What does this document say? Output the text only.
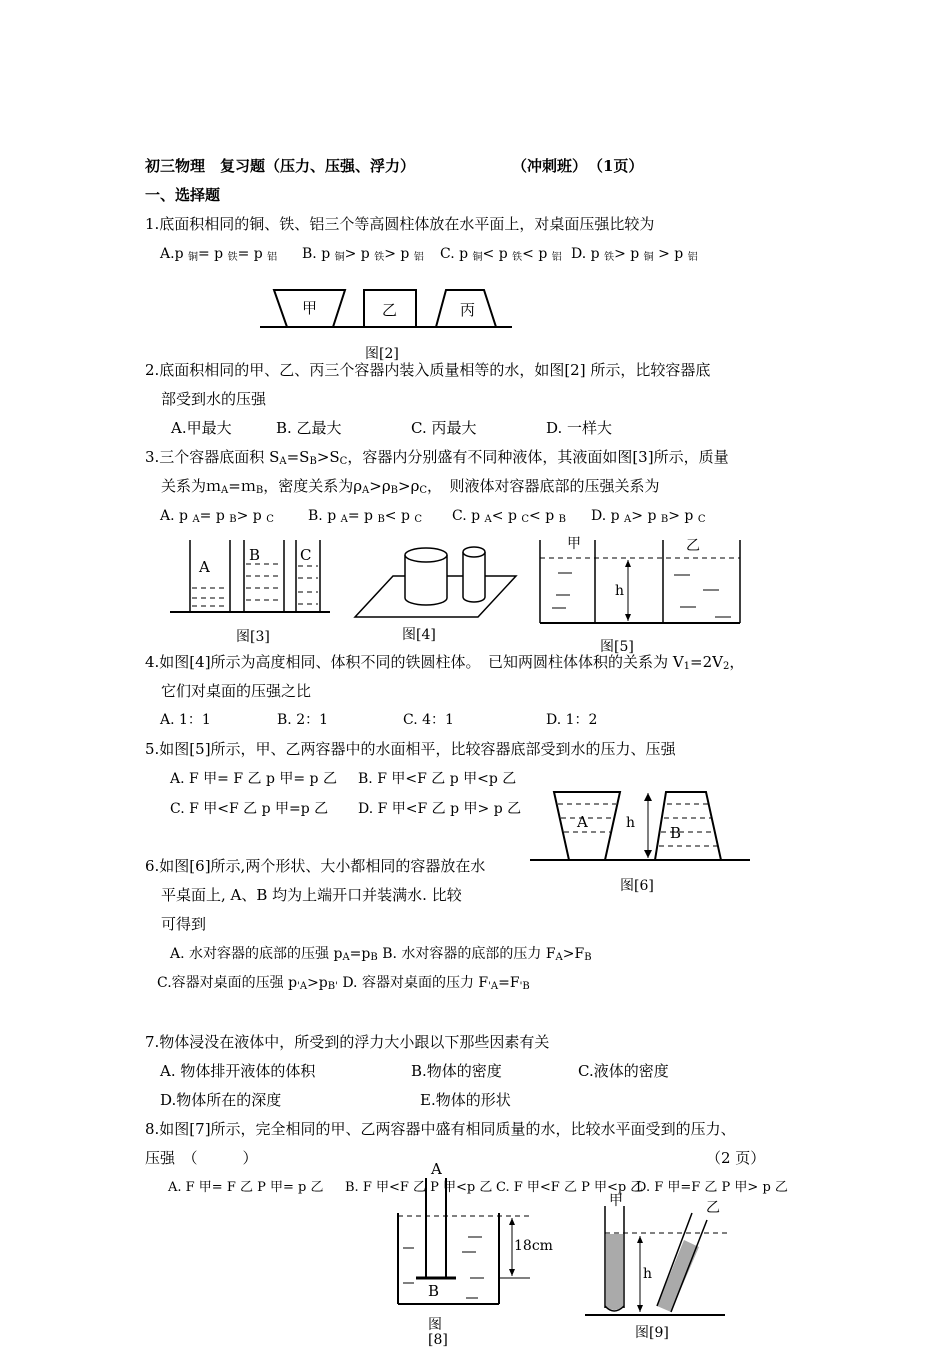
初三物理　复习题（压力、压强、浮力）	（冲刺班） （1页）
一、选择题
1.底面积相同的铜、铁、铝三个等高圆柱体放在水平面上，对桌面压强比较为
A.p $_铜$= p $_铁$= p $_铝$ B. p $_铜$> p $_铁$> p $_铝$ C. p $_铜$< p $_铁$< p $_铝$ D. p $_铁$> p $_铜$ > p $_铝$
甲	乙	丙
A
B	C
甲	乙
h
A
B
h
A
B
18cm
甲	乙
h
图[2]
2.底面积相同的甲、乙、丙三个容器内装入质量相等的水，如图[2] 所示，比较容器底
部受到水的压强
A.甲最大	B. 乙最大	C. 丙最大	D. 一样大
3.三个容器底面积 $S_A=S_B>S_C$，容器内分别盛有不同种液体，其液面如图[3]所示，质量
关系为ｍ$_A$=ｍ$_B$，密度关系为$\rho_A>\rho_B>\rho_C$，　则液体对容器底部的压强关系为
A. p $_A$= p $_B$> p $_C$ B. p $_A$= p $_B$< p $_C$ C. p $_A$< p $_C$< p $_B$ D. p $_A$> p $_B$> p $_C$
图[3]	图[4]
图[5]
4.如图[4]所示为高度相同、体积不同的铁圆柱体。　已知两圆柱体体积的关系为 $V_1=2V_2$，
它们对桌面的压强之比
A. 1：1	B. 2：1	C. 4：1	D. 1：2
5.如图[5]所示，甲、乙两容器中的水面相平，比较容器底部受到水的压力、压强
A. F 甲= F 乙 p 甲= p 乙 B. F 甲<F 乙 p 甲<p 乙
C. F 甲<F 乙 p 甲=p 乙 D. F 甲<F 乙 p 甲> p 乙
6.如图[6]所示,两个形状、大小都相同的容器放在水
平桌面上, A、B 均为上端开口并装满水. 比较
可得到
图[6]
A. 水对容器的底部的压强 $p_A=p_B$ B. 水对容器的底部的压力 $F_A>F_B$
C.容器对桌面的压强 $p_{'A}>p_{B'}$ D. 容器对桌面的压力 $F_{'A}=F_{'B}$
7.物体浸没在液体中，所受到的浮力大小跟以下那些因素有关
A. 物体排开液体的体积	B.物体的密度	C.液体的密度
D.物体所在的深度	E.物体的形状
8.如图[7]所示，完全相同的甲、乙两容器中盛有相同质量的水，比较水平面受到的压力、
压强　（　　　）	（2 页）
A. F 甲= F 乙 P 甲= p 乙 B. F 甲<F 乙 P 甲<p 乙 C. F 甲<F 乙 P 甲<p 乙
D. F 甲=F 乙 P 甲> p 乙
图
[8]	图[9]
